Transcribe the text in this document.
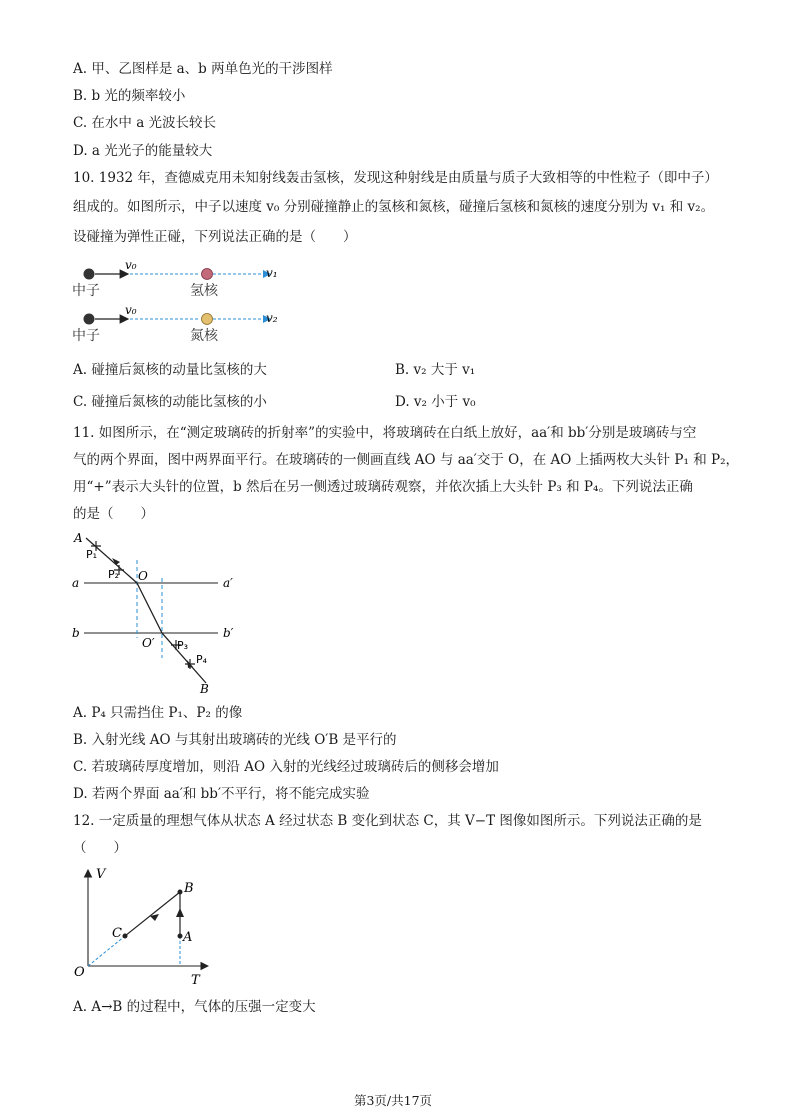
A. 甲、乙图样是 a、b 两单色光的干涉图样
B. b 光的频率较小
C. 在水中 a 光波长较长
D. a 光光子的能量较大
10. 1932 年，查德威克用未知射线轰击氢核，发现这种射线是由质量与质子大致相等的中性粒子（即中子）
组成的。如图所示，中子以速度 v₀ 分别碰撞静止的氢核和氮核，碰撞后氢核和氮核的速度分别为 v₁ 和 v₂。
设碰撞为弹性正碰，下列说法正确的是（　　）
v₀
v₁
中子	氢核
v₀
v₂
中子	氮核
A. 碰撞后氮核的动量比氢核的大	B. v₂ 大于 v₁
C. 碰撞后氮核的动能比氢核的小	D. v₂ 小于 v₀
11. 如图所示，在“测定玻璃砖的折射率”的实验中，将玻璃砖在白纸上放好，aa′和 bb′分别是玻璃砖与空
气的两个界面，图中两界面平行。在玻璃砖的一侧画直线 AO 与 aa′交于 O，在 AO 上插两枚大头针 P₁ 和 P₂，
用“+”表示大头针的位置，b 然后在另一侧透过玻璃砖观察，并依次插上大头针 P₃ 和 P₄。下列说法正确
的是（　　）
A
P₁
P₂ O
O′ P₃
P₄
B
a	a′
b	b′
A. P₄ 只需挡住 P₁、P₂ 的像
B. 入射光线 AO 与其射出玻璃砖的光线 O′B 是平行的
C. 若玻璃砖厚度增加，则沿 AO 入射的光线经过玻璃砖后的侧移会增加
D. 若两个界面 aa′和 bb′不平行，将不能完成实验
12. 一定质量的理想气体从状态 A 经过状态 B 变化到状态 C，其 V−T 图像如图所示。下列说法正确的是
（　　）
V
T
O
A
B
C
A. A→B 的过程中，气体的压强一定变大
第3页/共17页
